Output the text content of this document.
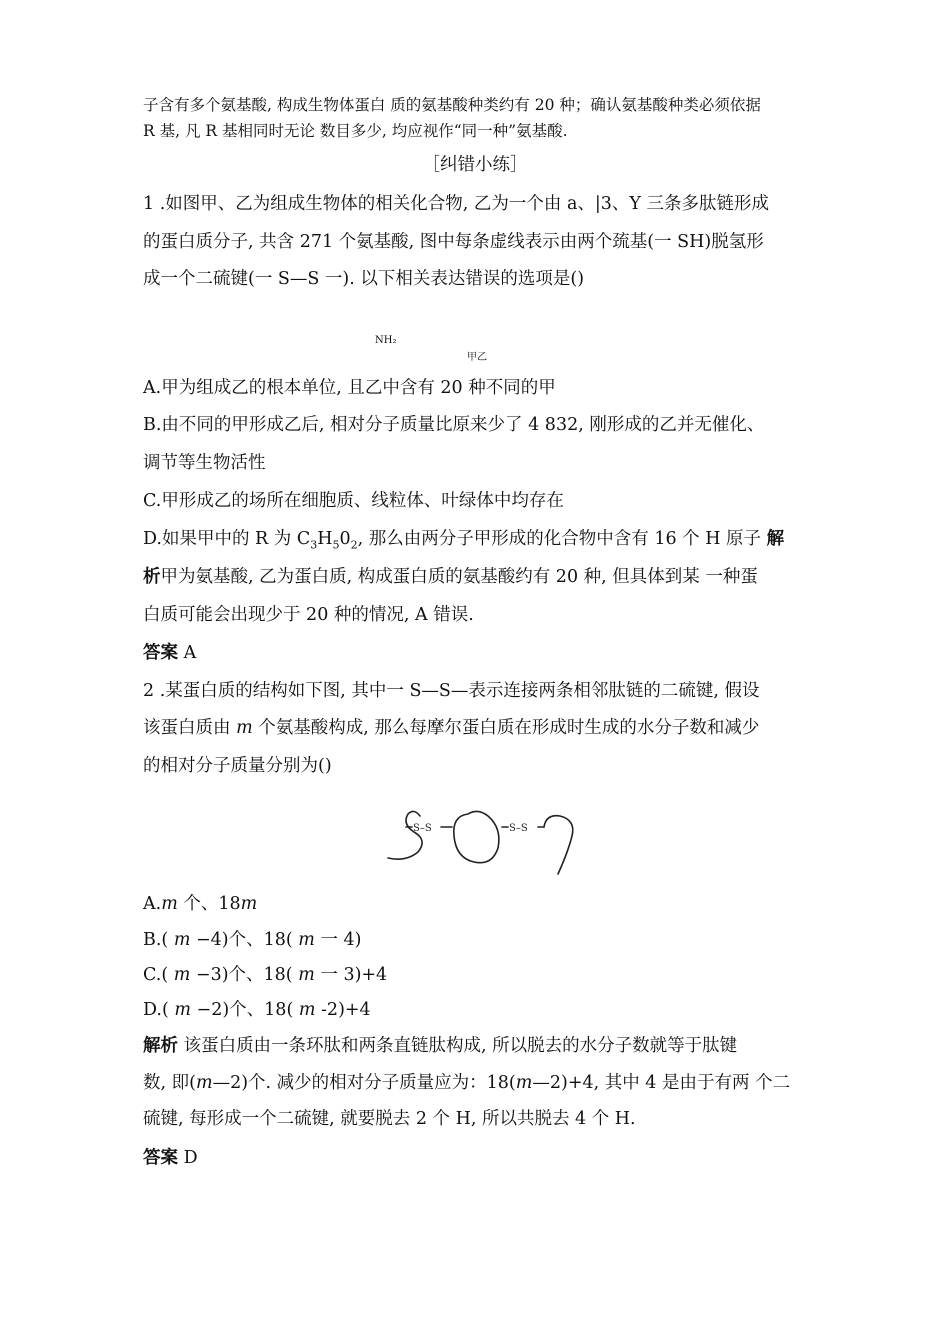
子含有多个氨基酸, 构成生物体蛋白 质的氨基酸种类约有 20 种；确认氨基酸种类必须依据
R 基, 凡 R 基相同时无论 数目多少, 均应视作“同一种”氨基酸.
［纠错小练］
1 .如图甲、乙为组成生物体的相关化合物, 乙为一个由 a、|3、Y 三条多肽链形成
的蛋白质分子, 共含 271 个氨基酸, 图中每条虚线表示由两个巯基(一 SH)脱氢形
成一个二硫键(一 S—S 一). 以下相关表达错误的选项是()
NH₂
甲乙
A.甲为组成乙的根本单位, 且乙中含有 20 种不同的甲
B.由不同的甲形成乙后, 相对分子质量比原来少了 4 832, 刚形成的乙并无催化、
调节等生物活性
C.甲形成乙的场所在细胞质、线粒体、叶绿体中均存在
D.如果甲中的 R 为 $C_3H_50_2$, 那么由两分子甲形成的化合物中含有 16 个 H 原子 解
析甲为氨基酸, 乙为蛋白质, 构成蛋白质的氨基酸约有 20 种, 但具体到某 一种蛋
白质可能会出现少于 20 种的情况, A 错误.
答案 A
2 .某蛋白质的结构如下图, 其中一 S—S—表示连接两条相邻肽链的二硫键, 假设
该蛋白质由 m 个氨基酸构成, 那么每摩尔蛋白质在形成时生成的水分子数和减少
的相对分子质量分别为()
S–S	S–S
A.m 个、18m
B.( m −4)个、18( m 一 4)
C.( m −3)个、18( m 一 3)+4
D.( m −2)个、18( m -2)+4
解析 该蛋白质由一条环肽和两条直链肽构成, 所以脱去的水分子数就等于肽键
数, 即(m—2)个. 减少的相对分子质量应为：18(m—2)+4, 其中 4 是由于有两 个二
硫键, 每形成一个二硫键, 就要脱去 2 个 H, 所以共脱去 4 个 H.
答案 D
